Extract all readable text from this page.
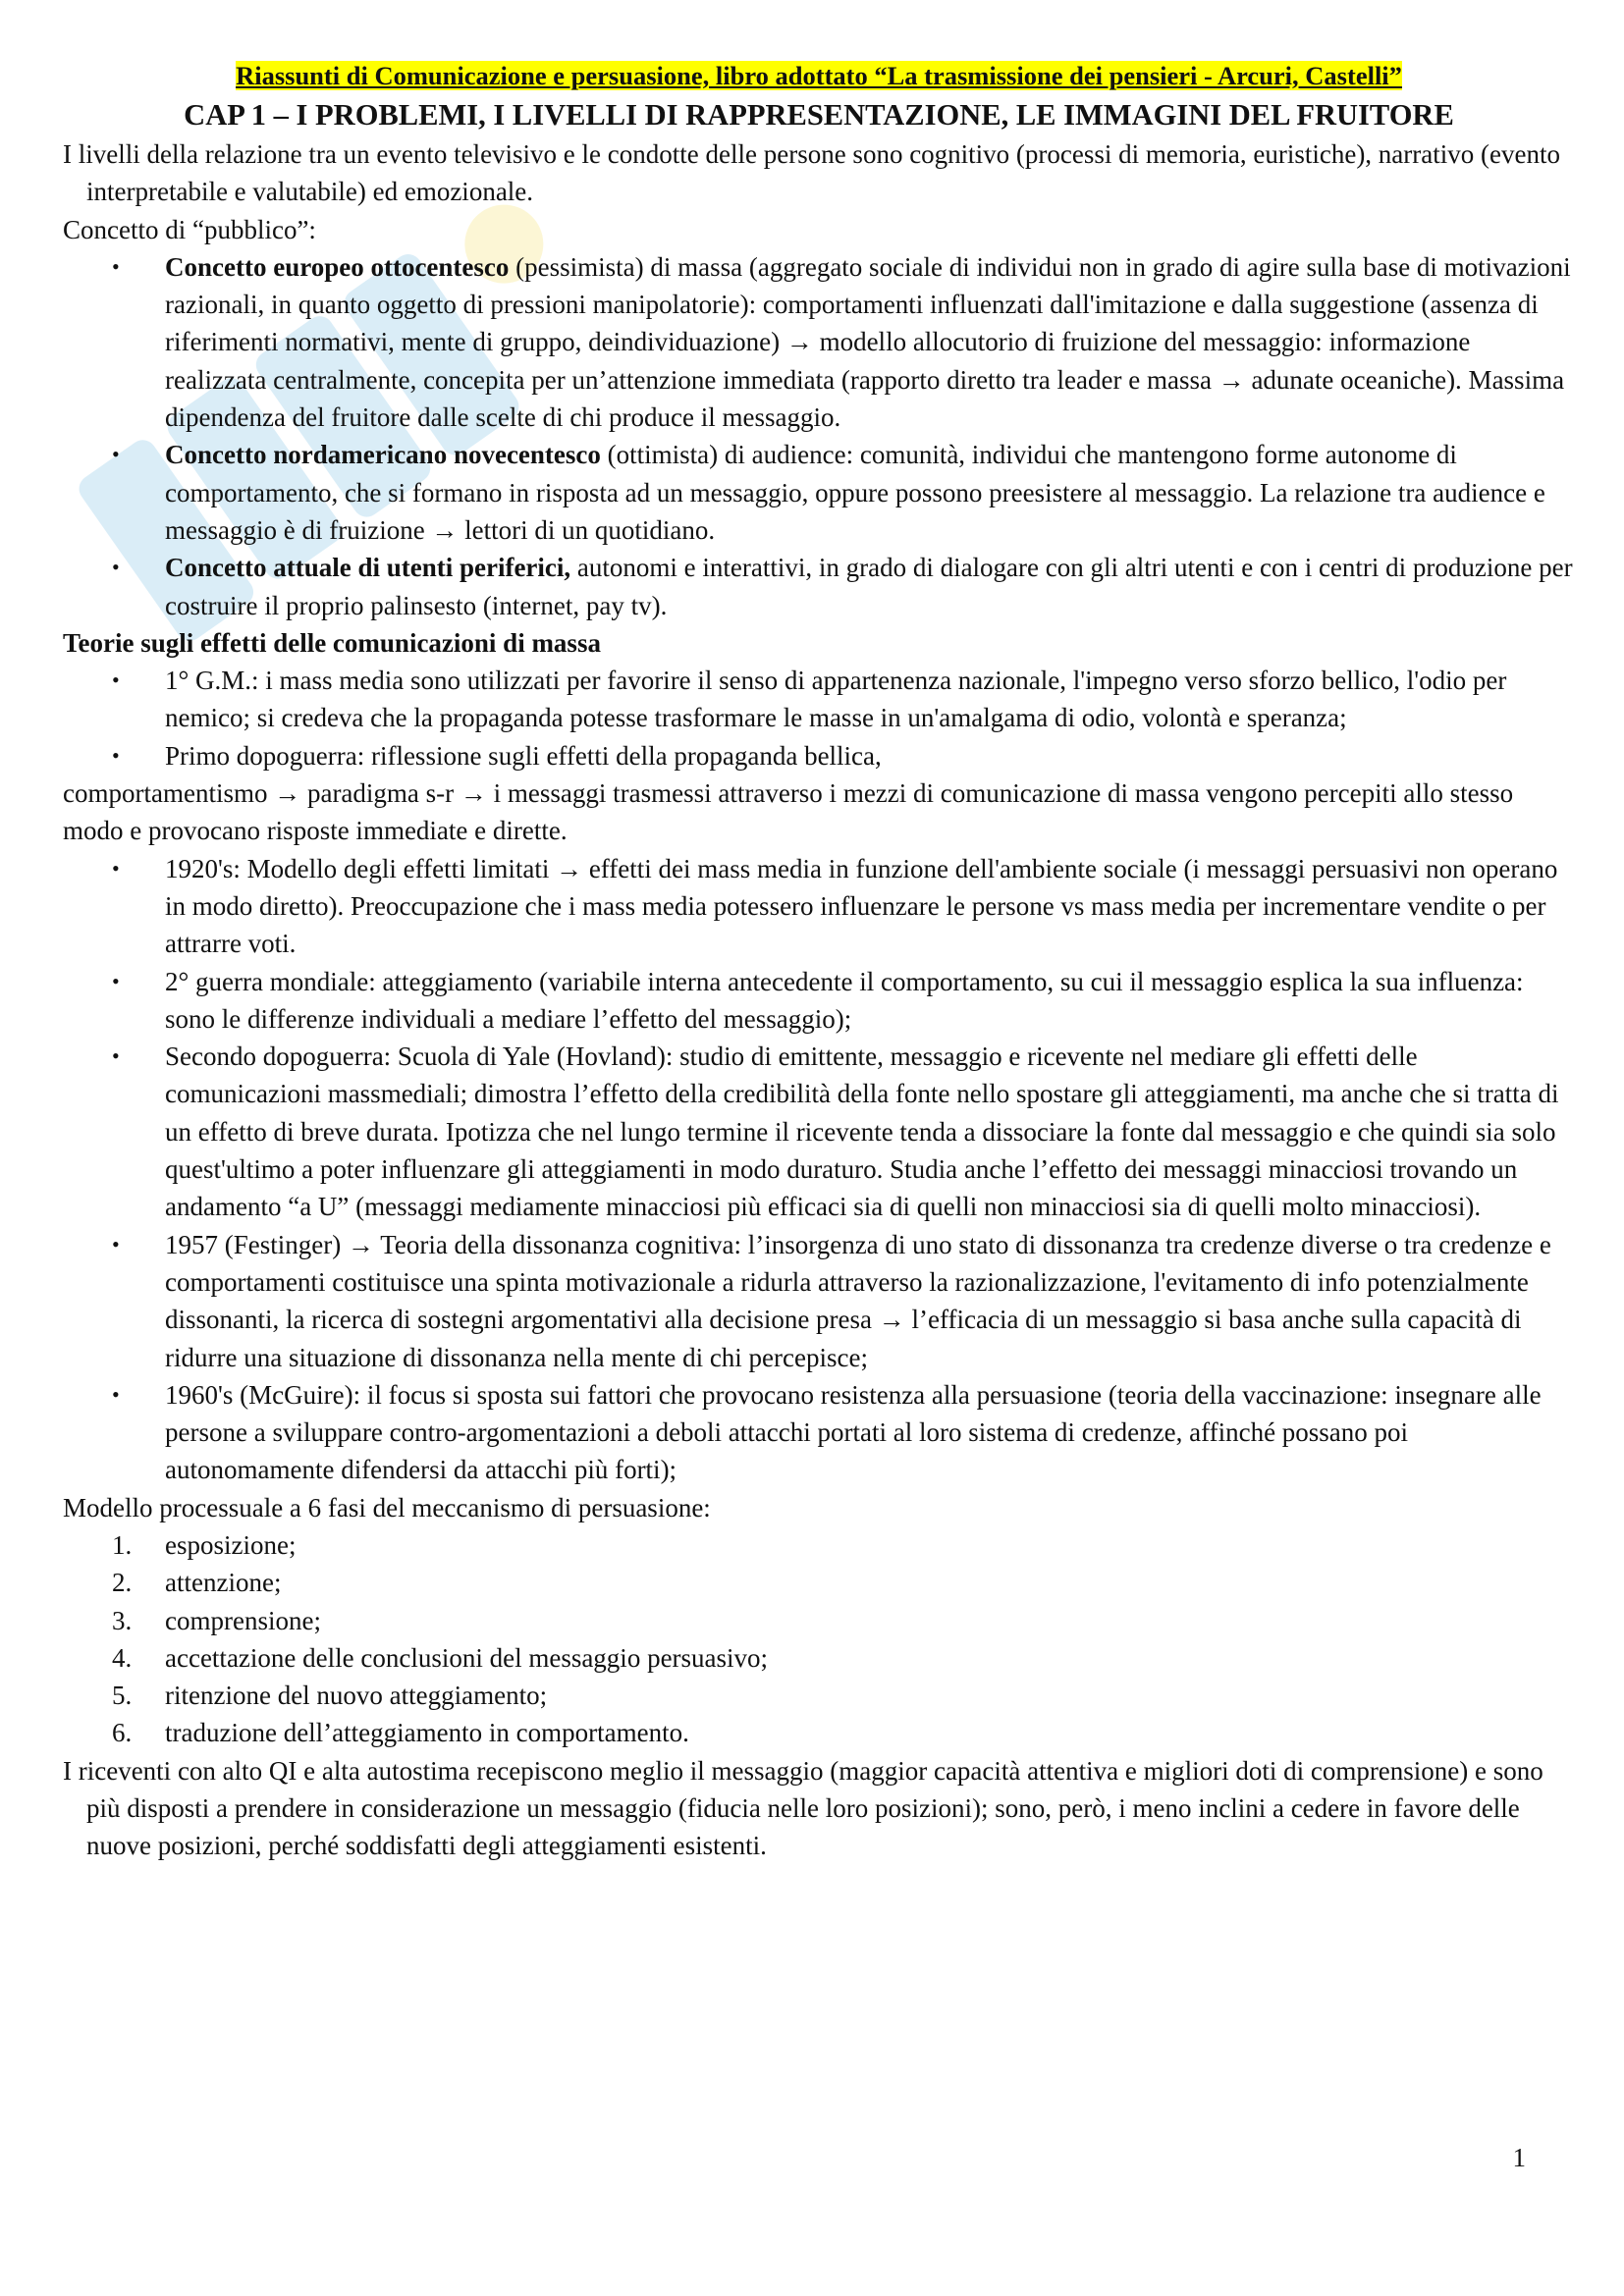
Riassunti di Comunicazione e persuasione, libro adottato “La trasmissione dei pensieri - Arcuri, Castelli”
CAP 1 – I PROBLEMI, I LIVELLI DI RAPPRESENTAZIONE, LE IMMAGINI DEL FRUITORE

I livelli della relazione tra un evento televisivo e le condotte delle persone sono cognitivo (processi di memoria, euristiche), narrativo (evento interpretabile e valutabile) ed emozionale.

Concetto di “pubblico”:

• Concetto europeo ottocentesco (pessimista) di massa (aggregato sociale di individui non in grado di agire sulla base di motivazioni razionali, in quanto oggetto di pressioni manipolatorie): comportamenti influenzati dall'imitazione e dalla suggestione (assenza di riferimenti normativi, mente di gruppo, deindividuazione) → modello allocutorio di fruizione del messaggio: informazione realizzata centralmente, concepita per un’attenzione immediata (rapporto diretto tra leader e massa → adunate oceaniche). Massima dipendenza del fruitore dalle scelte di chi produce il messaggio.
• Concetto nordamericano novecentesco (ottimista) di audience: comunità, individui che mantengono forme autonome di comportamento, che si formano in risposta ad un messaggio, oppure possono preesistere al messaggio. La relazione tra audience e messaggio è di fruizione → lettori di un quotidiano.
• Concetto attuale di utenti periferici, autonomi e interattivi, in grado di dialogare con gli altri utenti e con i centri di produzione per costruire il proprio palinsesto (internet, pay tv).

Teorie sugli effetti delle comunicazioni di massa

• 1° G.M.: i mass media sono utilizzati per favorire il senso di appartenenza nazionale, l'impegno verso sforzo bellico, l'odio per nemico; si credeva che la propaganda potesse trasformare le masse in un'amalgama di odio, volontà e speranza;
• Primo dopoguerra: riflessione sugli effetti della propaganda bellica,

comportamentismo → paradigma s-r → i messaggi trasmessi attraverso i mezzi di comunicazione di massa vengono percepiti allo stesso modo e provocano risposte immediate e dirette.

• 1920's: Modello degli effetti limitati → effetti dei mass media in funzione dell'ambiente sociale (i messaggi persuasivi non operano in modo diretto). Preoccupazione che i mass media potessero influenzare le persone vs mass media per incrementare vendite o per attrarre voti.
• 2° guerra mondiale: atteggiamento (variabile interna antecedente il comportamento, su cui il messaggio esplica la sua influenza: sono le differenze individuali a mediare l’effetto del messaggio);
• Secondo dopoguerra: Scuola di Yale (Hovland): studio di emittente, messaggio e ricevente nel mediare gli effetti delle comunicazioni massmediali; dimostra l’effetto della credibilità della fonte nello spostare gli atteggiamenti, ma anche che si tratta di un effetto di breve durata. Ipotizza che nel lungo termine il ricevente tenda a dissociare la fonte dal messaggio e che quindi sia solo quest'ultimo a poter influenzare gli atteggiamenti in modo duraturo. Studia anche l’effetto dei messaggi minacciosi trovando un andamento “a U” (messaggi mediamente minacciosi più efficaci sia di quelli non minacciosi sia di quelli molto minacciosi).
• 1957 (Festinger) → Teoria della dissonanza cognitiva: l’insorgenza di uno stato di dissonanza tra credenze diverse o tra credenze e comportamenti costituisce una spinta motivazionale a ridurla attraverso la razionalizzazione, l'evitamento di info potenzialmente dissonanti, la ricerca di sostegni argomentativi alla decisione presa → l’efficacia di un messaggio si basa anche sulla capacità di ridurre una situazione di dissonanza nella mente di chi percepisce;
• 1960's (McGuire): il focus si sposta sui fattori che provocano resistenza alla persuasione (teoria della vaccinazione: insegnare alle persone a sviluppare contro-argomentazioni a deboli attacchi portati al loro sistema di credenze, affinché possano poi autonomamente difendersi da attacchi più forti);

Modello processuale a 6 fasi del meccanismo di persuasione:

1. esposizione;
2. attenzione;
3. comprensione;
4. accettazione delle conclusioni del messaggio persuasivo;
5. ritenzione del nuovo atteggiamento;
6. traduzione dell’atteggiamento in comportamento.

I riceventi con alto QI e alta autostima recepiscono meglio il messaggio (maggior capacità attentiva e migliori doti di comprensione) e sono più disposti a prendere in considerazione un messaggio (fiducia nelle loro posizioni); sono, però, i meno inclini a cedere in favore delle nuove posizioni, perché soddisfatti degli atteggiamenti esistenti.

1
